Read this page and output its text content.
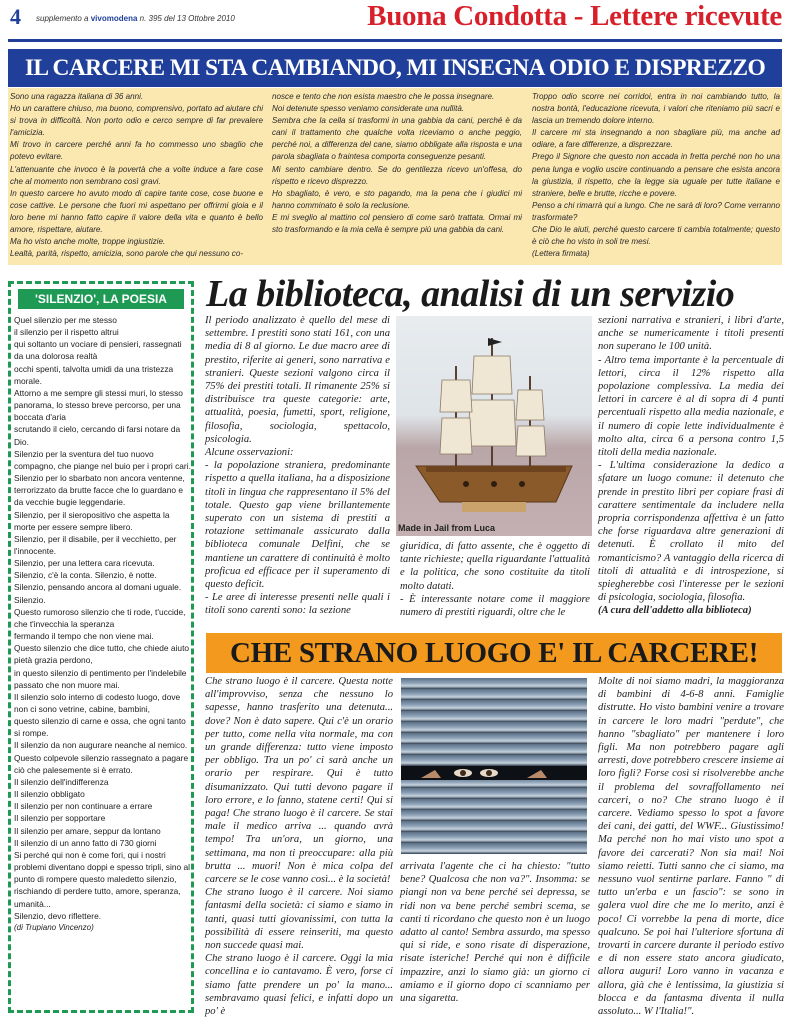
4 supplemento a vivomodena n. 395 del 13 Ottobre 2010	Buona Condotta - Lettere ricevute
IL CARCERE MI STA CAMBIANDO, MI INSEGNA ODIO E DISPREZZO

Sono una ragazza italiana di 36 anni.

Ho un carattere chiuso, ma buono, comprensivo, portato ad aiutare chi si trova in difficoltà. Non porto odio e cerco sempre di far prevalere l'amicizia.

Mi trovo in carcere perché anni fa ho commesso uno sbaglio che potevo evitare.

L'attenuante che invoco è la povertà che a volte induce a fare cose che al momento non sembrano così gravi.

In questo carcere ho avuto modo di capire tante cose, cose buone e cose cattive. Le persone che fuori mi aspettano per offrirmi gioia e il loro bene mi hanno fatto capire il valore della vita e quanto è bello amore, rispettare, aiutare.

Ma ho visto anche molte, troppe ingiustizie.

Lealtà, parità, rispetto, amicizia, sono parole che qui nessuno co-

nosce e tento che non esista maestro che le possa insegnare.

Noi detenute spesso veniamo considerate una nullità.

Sembra che la cella si trasformi in una gabbia da cani, perché è da cani il trattamento che qualche volta riceviamo o anche peggio, perché noi, a differenza del cane, siamo obbligate alla risposta e una parola sbagliata o fraintesa comporta conseguenze pesanti.

Mi sento cambiare dentro. Se do gentilezza ricevo un'offesa, do rispetto e ricevo disprezzo.

Ho sbagliato, è vero, e sto pagando, ma la pena che i giudici mi hanno comminato è solo la reclusione.

E mi sveglio al mattino col pensiero di come sarò trattata. Ormai mi sto trasformando e la mia cella è sempre più una gabbia da cani.

Troppo odio scorre nei corridoi, entra in noi cambiando tutto, la nostra bontà, l'educazione ricevuta, i valori che riteniamo più sacri e lascia un tremendo dolore interno.

Il carcere mi sta insegnando a non sbagliare più, ma anche ad odiare, a fare differenze, a disprezzare.

Prego il Signore che questo non accada in fretta perché non ho una pena lunga e voglio uscire continuando a pensare che esista ancora la giustizia, il rispetto, che la legge sia uguale per tutte italiane e straniere, belle e brutte, ricche e povere.

Penso a chi rimarrà qui a lungo. Che ne sarà di loro? Come verranno trasformate?

Che Dio le aiuti, perché questo carcere ti cambia totalmente; questo è ciò che ho visto in soli tre mesi.

(Lettera firmata)

'SILENZIO', LA POESIA

Quel silenzio per me stesso

il silenzio per il rispetto altrui

qui soltanto un vociare di pensieri, rassegnati da una dolorosa realtà

occhi spenti, talvolta umidi da una tristezza morale.

Attorno a me sempre gli stessi muri, lo stesso panorama, lo stesso breve percorso, per una boccata d'aria

scrutando il cielo, cercando di farsi notare da Dio.

Silenzio per la sventura del tuo nuovo compagno, che piange nel buio per i propri cari.

Silenzio per lo sbarbato non ancora ventenne, terrorizzato da brutte facce che lo guardano e da vecchie bugie leggendarie.

Silenzio, per il sieropositivo che aspetta la morte per essere sempre libero.

Silenzio, per il disabile, per il vecchietto, per l'innocente.

Silenzio, per una lettera cara ricevuta.

Silenzio, c'è la conta. Silenzio, è notte.

Silenzio, pensando ancora al domani uguale. Silenzio.

Questo rumoroso silenzio che ti rode, t'uccide, che t'invecchia la speranza

fermando il tempo che non viene mai.

Questo silenzio che dice tutto, che chiede aiuto pietà grazia perdono,

in questo silenzio di pentimento per l'indelebile passato che non muore mai.

Il silenzio solo interno di codesto luogo, dove non ci sono vetrine, cabine, bambini,

questo silenzio di carne e ossa, che ogni tanto si rompe.

Il silenzio da non augurare neanche al nemico.

Questo colpevole silenzio rassegnato a pagare ciò che palesemente si è errato.

Il silenzio dell'indifferenza

Il silenzio obbligato

Il silenzio per non continuare a errare

Il silenzio per sopportare

Il silenzio per amare, seppur da lontano

Il silenzio di un anno fatto di 730 giorni

Si perché qui non è come fori, qui i nostri problemi diventano doppi e spesso tripli, sino al punto di rompere questo maledetto silenzio, rischiando di perdere tutto, amore, speranza, umanità...

Silenzio, devo riflettere.

(di Trupiano Vincenzo)

La biblioteca, analisi di un servizio

Il periodo analizzato è quello del mese di settembre. I prestiti sono stati 161, con una media di 8 al giorno. Le due macro aree di prestito, riferite ai generi, sono narrativa e stranieri. Queste sezioni valgono circa il 75% dei prestiti totali. Il rimanente 25% si distribuisce tra queste categorie: arte, attualità, poesia, fumetti, sport, religione, filosofia, sociologia, spettacolo, psicologia.

Alcune osservazioni:

- la popolazione straniera, predominante rispetto a quella italiana, ha a disposizione titoli in lingua che rappresentano il 5% del totale. Questo gap viene brillantemente superato con un sistema di prestiti a rotazione settimanale assicurato dalla biblioteca comunale Delfini, che se mantiene un carattere di continuità è molto proficua ed efficace per il superamento di questo deficit.

- Le aree di interesse presenti nelle quali i titoli sono carenti sono: la sezione

Made in Jail from Luca

giuridica, di fatto assente, che è oggetto di tante richieste; quella riguardante l'attualità e la politica, che sono costituite da titoli molto datati.

- È interessante notare come il maggiore numero di prestiti riguardi, oltre che le

sezioni narrativa e stranieri, i libri d'arte, anche se numericamente i titoli presenti non superano le 100 unità.

- Altro tema importante è la percentuale di lettori, circa il 12% rispetto alla popolazione complessiva. La media dei lettori in carcere è al di sopra di 4 punti percentuali rispetto alla media nazionale, e il numero di copie lette individualmente è molto alta, circa 6 a persona contro 1,5 titoli della media nazionale.

- L'ultima considerazione la dedico a sfatare un luogo comune: il detenuto che prende in prestito libri per copiare frasi di carattere sentimentale da includere nella propria corrispondenza affettiva è un fatto che forse riguardava altre generazioni di detenuti. È crollato il mito del romanticismo? A vantaggio della ricerca di titoli di attualità e di introspezione, si spiegherebbe così l'interesse per le sezioni di psicologia, sociologia, filosofia.

(A cura dell'addetto alla biblioteca)

CHE STRANO LUOGO E' IL CARCERE!

Che strano luogo è il carcere. Questa notte all'improvviso, senza che nessuno lo sapesse, hanno trasferito una detenuta... dove? Non è dato sapere. Qui c'è un orario per tutto, come nella vita normale, ma con un grande differenza: tutto viene imposto per obbligo. Tra un po' ci sarà anche un orario per respirare. Qui è tutto disumanizzato. Qui tutti devono pagare il loro errore, e lo fanno, statene certi! Qui si paga! Che strano luogo è il carcere. Se stai male il medico arriva ... quando avrà tempo! Tra un'ora, un giorno, una settimana, ma non ti preoccupare: alla più brutta ... muori! Non è mica colpa del carcere se le cose vanno così... è la società!

Che strano luogo è il carcere. Noi siamo fantasmi della società: ci siamo e siamo in tanti, quasi tutti giovanissimi, con tutta la possibilità di essere reinseriti, ma questo non succede quasi mai.

Che strano luogo è il carcere. Oggi la mia concellina e io cantavamo. È vero, forse ci siamo fatte prendere un po' la mano... sembravamo quasi felici, e infatti dopo un po' è

arrivata l'agente che ci ha chiesto: "tutto bene? Qualcosa che non va?". Insomma: se piangi non va bene perché sei depressa, se ridi non va bene perché sembri scema, se canti ti ricordano che questo non è un luogo adatto al canto! Sembra assurdo, ma spesso qui si ride, e sono risate di disperazione, risate isteriche! Perché qui non è difficile impazzire, anzi lo siamo già: un giorno ci amiamo e il giorno dopo ci scanniamo per una sigaretta.

Molte di noi siamo madri, la maggioranza di bambini di 4-6-8 anni. Famiglie distrutte. Ho visto bambini venire a trovare in carcere le loro madri "perdute", che hanno "sbagliato" per mantenere i loro figli. Ma non potrebbero pagare agli arresti, dove potrebbero crescere insieme ai loro figli? Forse così si risolverebbe anche il problema del sovraffollamento nei carceri, o no? Che strano luogo è il carcere. Vediamo spesso lo spot a favore dei cani, dei gatti, del WWF... Giustissimo! Ma perché non ho mai visto uno spot a favore dei carcerati? Non sia mai! Noi siamo reietti. Tutti sanno che ci siamo, ma nessuno vuol sentirne parlare. Fanno " di tutto un'erba e un fascio": se sono in galera vuol dire che me lo merito, anzi è poco! Ci vorrebbe la pena di morte, dice qualcuno. Se poi hai l'ulteriore sfortuna di trovarti in carcere durante il periodo estivo e di non essere stato ancora giudicato, allora auguri! Loro vanno in vacanza e allora, già che è lentissima, la giustizia si blocca e da fantasma diventa il nulla assoluto... W l'Italia!".
